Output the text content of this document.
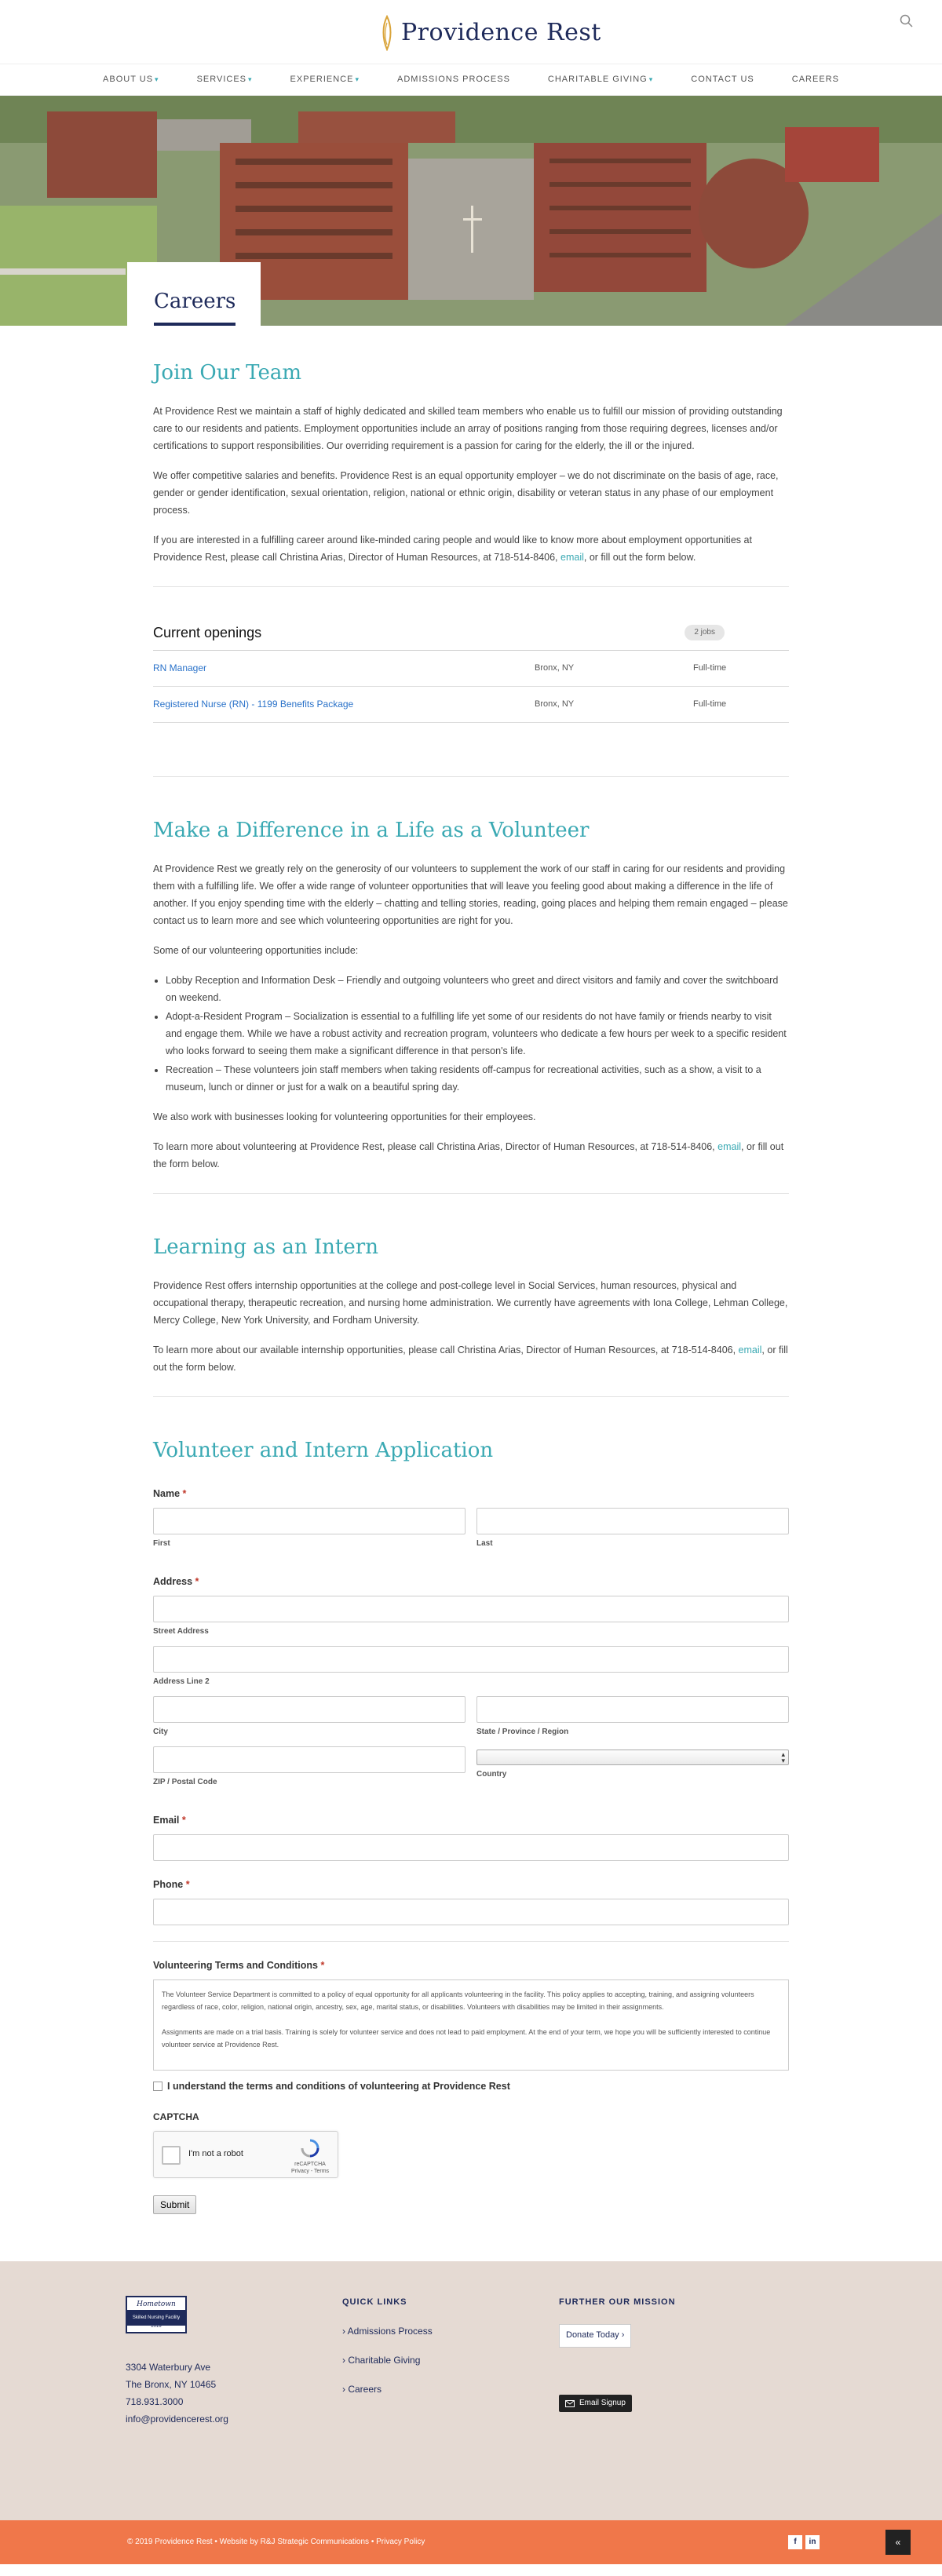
Providence Rest
ABOUT US ▾	SERVICES ▾	EXPERIENCE ▾	ADMISSIONS PROCESS	CHARITABLE GIVING ▾	CONTACT US	CAREERS
Careers
Join Our Team

At Providence Rest we maintain a staff of highly dedicated and skilled team members who enable us to fulfill our mission of providing outstanding care to our residents and patients. Employment opportunities include an array of positions ranging from those requiring degrees, licenses and/or certifications to support responsibilities. Our overriding requirement is a passion for caring for the elderly, the ill or the injured.

We offer competitive salaries and benefits. Providence Rest is an equal opportunity employer – we do not discriminate on the basis of age, race, gender or gender identification, sexual orientation, religion, national or ethnic origin, disability or veteran status in any phase of our employment process.

If you are interested in a fulfilling career around like-minded caring people and would like to know more about employment opportunities at Providence Rest, please call Christina Arias, Director of Human Resources, at 718-514-8406, email, or fill out the form below.

Current openings	2 jobs
RN Manager	Bronx, NY	Full-time
Registered Nurse (RN) - 1199 Benefits Package	Bronx, NY	Full-time
Make a Difference in a Life as a Volunteer

At Providence Rest we greatly rely on the generosity of our volunteers to supplement the work of our staff in caring for our residents and providing them with a fulfilling life. We offer a wide range of volunteer opportunities that will leave you feeling good about making a difference in the life of another. If you enjoy spending time with the elderly – chatting and telling stories, reading, going places and helping them remain engaged – please contact us to learn more and see which volunteering opportunities are right for you.

Some of our volunteering opportunities include:

• Lobby Reception and Information Desk – Friendly and outgoing volunteers who greet and direct visitors and family and cover the switchboard on weekend.
• Adopt-a-Resident Program – Socialization is essential to a fulfilling life yet some of our residents do not have family or friends nearby to visit and engage them. While we have a robust activity and recreation program, volunteers who dedicate a few hours per week to a specific resident who looks forward to seeing them make a significant difference in that person's life.
• Recreation – These volunteers join staff members when taking residents off-campus for recreational activities, such as a show, a visit to a museum, lunch or dinner or just for a walk on a beautiful spring day.

We also work with businesses looking for volunteering opportunities for their employees.

To learn more about volunteering at Providence Rest, please call Christina Arias, Director of Human Resources, at 718-514-8406, email, or fill out the form below.

Learning as an Intern

Providence Rest offers internship opportunities at the college and post-college level in Social Services, human resources, physical and occupational therapy, therapeutic recreation, and nursing home administration. We currently have agreements with Iona College, Lehman College, Mercy College, New York University, and Fordham University.

To learn more about our available internship opportunities, please call Christina Arias, Director of Human Resources, at 718-514-8406, email, or fill out the form below.

Volunteer and Intern Application
Name *
First	Last
Address *
Street Address
Address Line 2
City	State / Province / Region
ZIP / Postal Code
▴
▾
Country
Email *
Phone *
Volunteering Terms and Conditions *

The Volunteer Service Department is committed to a policy of equal opportunity for all applicants volunteering in the facility. This policy applies to accepting, training, and assigning volunteers regardless of race, color, religion, national origin, ancestry, sex, age, marital status, or disabilities. Volunteers with disabilities may be limited in their assignments.

Assignments are made on a trial basis. Training is solely for volunteer service and does not lead to paid employment. At the end of your term, we hope you will be sufficiently interested to continue volunteer service at Providence Rest.

I understand the terms and conditions of volunteering at Providence Rest
CAPTCHA
I'm not a robot
reCAPTCHA
Privacy - Terms
Submit
Hometown
Skilled Nursing Facility
2019
3304 Waterbury Ave
The Bronx, NY 10465
718.931.3000
info@providencerest.org
QUICK LINKS
› Admissions Process
› Charitable Giving
› Careers
FURTHER OUR MISSION
Donate Today ›
Email Signup
© 2019 Providence Rest • Website by R&J Strategic Communications • Privacy Policy	f	in	«
